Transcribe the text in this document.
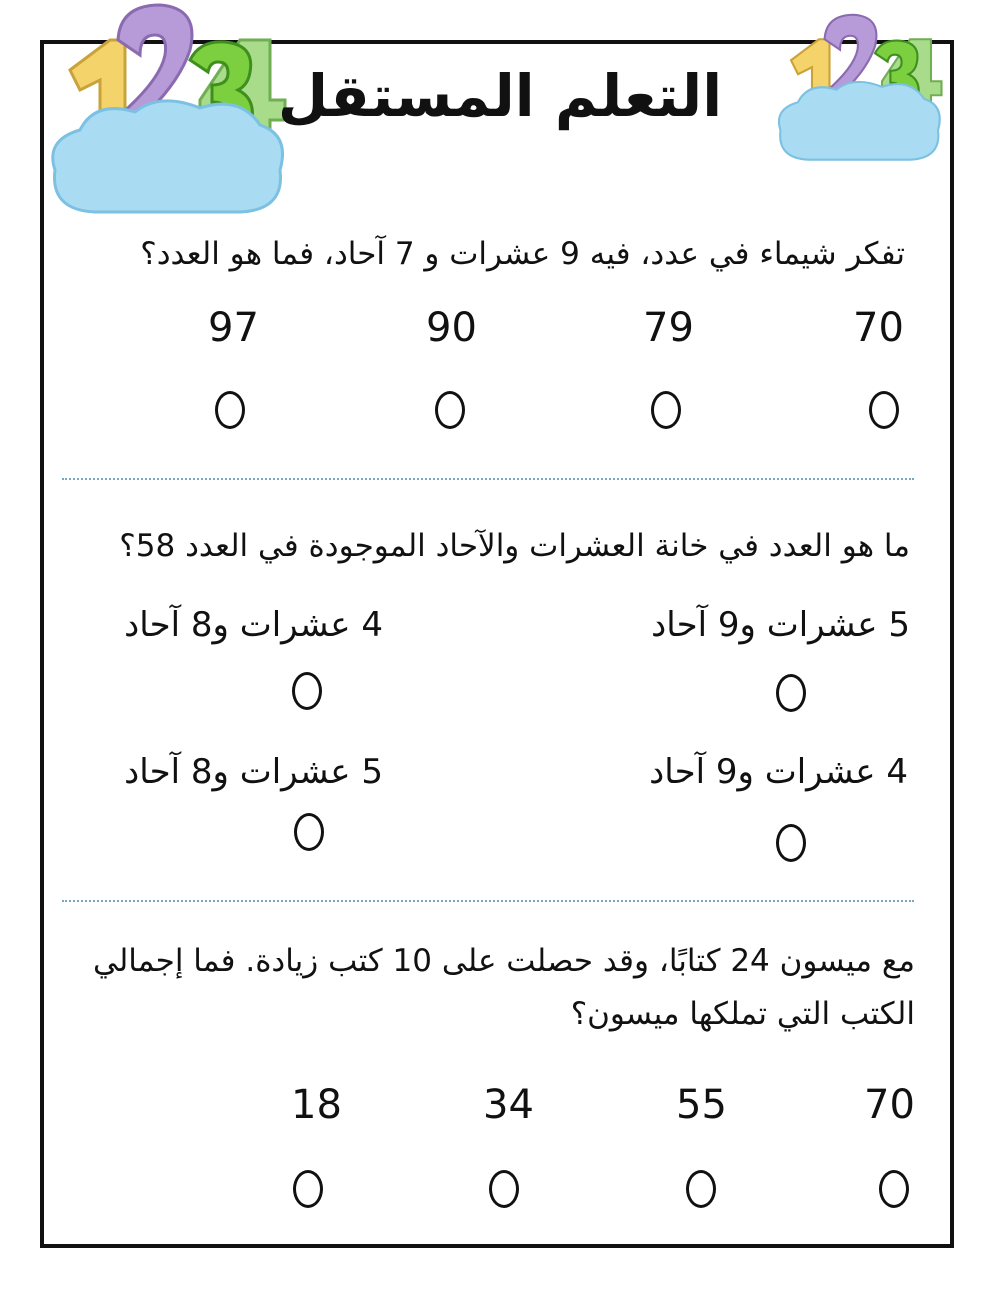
التعلم المستقل
تفكر شيماء في عدد، فيه 9 عشرات و 7 آحاد، فما هو العدد؟
70
79
90
97
ما هو العدد في خانة العشرات والآحاد الموجودة في العدد 58؟
5 عشرات و9 آحاد
4 عشرات و8 آحاد
4 عشرات و9 آحاد
5 عشرات و8 آحاد
مع ميسون 24 كتابًا، وقد حصلت على 10 كتب زيادة. فما إجمالي الكتب التي تملكها ميسون؟
70
55
34
18
